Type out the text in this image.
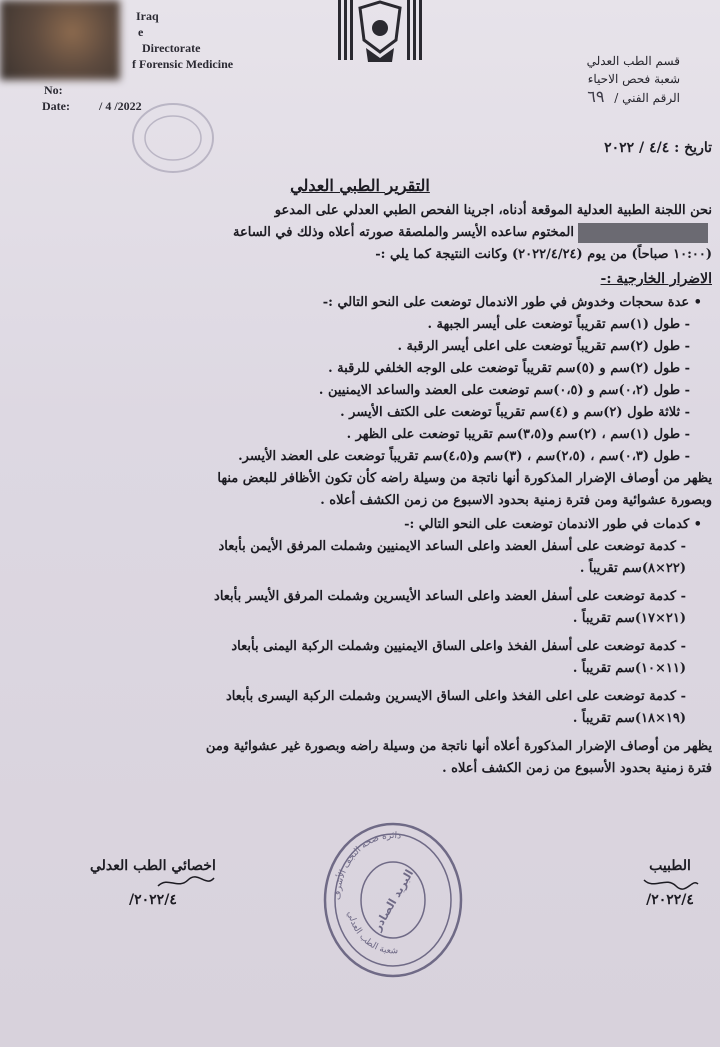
Iraq
e
Directorate
f Forensic Medicine
No:
Date: / 4 /2022
قسم الطب العدلي
شعبة فحص الاحياء
الرقم الفني / ٦٩
تاريخ : ٤/٤ / ٢٠٢٢
التقرير الطبي العدلي

نحن اللجنة الطبية العدلية الموقعة أدناه، اجرينا الفحص الطبي العدلي على المدعو

المختوم ساعده الأيسر والملصقة صورته أعلاه وذلك في الساعة

(١٠:٠٠ صباحاً) من يوم (٢٠٢٢/٤/٢٤) وكانت النتيجة كما يلي :-

الاضرار الخارجية :-

• عدة سحجات وخدوش في طور الاندمال توضعت على النحو التالي :-

- طول (١)سم تقريباً توضعت على أيسر الجبهة .

- طول (٢)سم تقريباً توضعت على اعلى أيسر الرقبة .

- طول (٢)سم و (٥)سم تقريباً توضعت على الوجه الخلفي للرقبة .

- طول (٠،٢)سم و (٠،٥)سم توضعت على العضد والساعد الايمنيين .

- ثلاثة طول (٢)سم و (٤)سم تقريباً توضعت على الكتف الأيسر .

- طول (١)سم ، (٢)سم و(٣،٥)سم تقريبا توضعت على الظهر .

- طول (٠،٣)سم ، (٢،٥)سم ، (٣)سم و(٤،٥)سم تقريباً توضعت على العضد الأيسر.

يظهر من أوصاف الإضرار المذكورة أنها ناتجة من وسيلة راضه كأن تكون الأظافر للبعض منها

وبصورة عشوائية ومن فترة زمنية بحدود الاسبوع من زمن الكشف أعلاه .

• كدمات في طور الاندمان توضعت على النحو التالي :-

- كدمة توضعت على أسفل العضد واعلى الساعد الايمنيين وشملت المرفق الأيمن بأبعاد

(٢٢×٨)سم تقريباً .

- كدمة توضعت على أسفل العضد واعلى الساعد الأيسرين وشملت المرفق الأيسر بأبعاد

(٢١×١٧)سم تقريباً .

- كدمة توضعت على أسفل الفخذ واعلى الساق الايمنيين وشملت الركبة اليمنى بأبعاد

(١١×١٠)سم تقريباً .

- كدمة توضعت على اعلى الفخذ واعلى الساق الايسرين وشملت الركبة اليسرى بأبعاد

(١٩×١٨)سم تقريباً .

يظهر من أوصاف الإضرار المذكورة أعلاه أنها ناتجة من وسيلة راضه وبصورة غير عشوائية ومن

فترة زمنية بحدود الأسبوع من زمن الكشف أعلاه .

دائرة صحة النجف الأشرف
البريد الصادر
شعبة الطب العدلي
اخصائي الطب العدلي
٢٠٢٢/٤/
الطبيب
٢٠٢٢/٤/
